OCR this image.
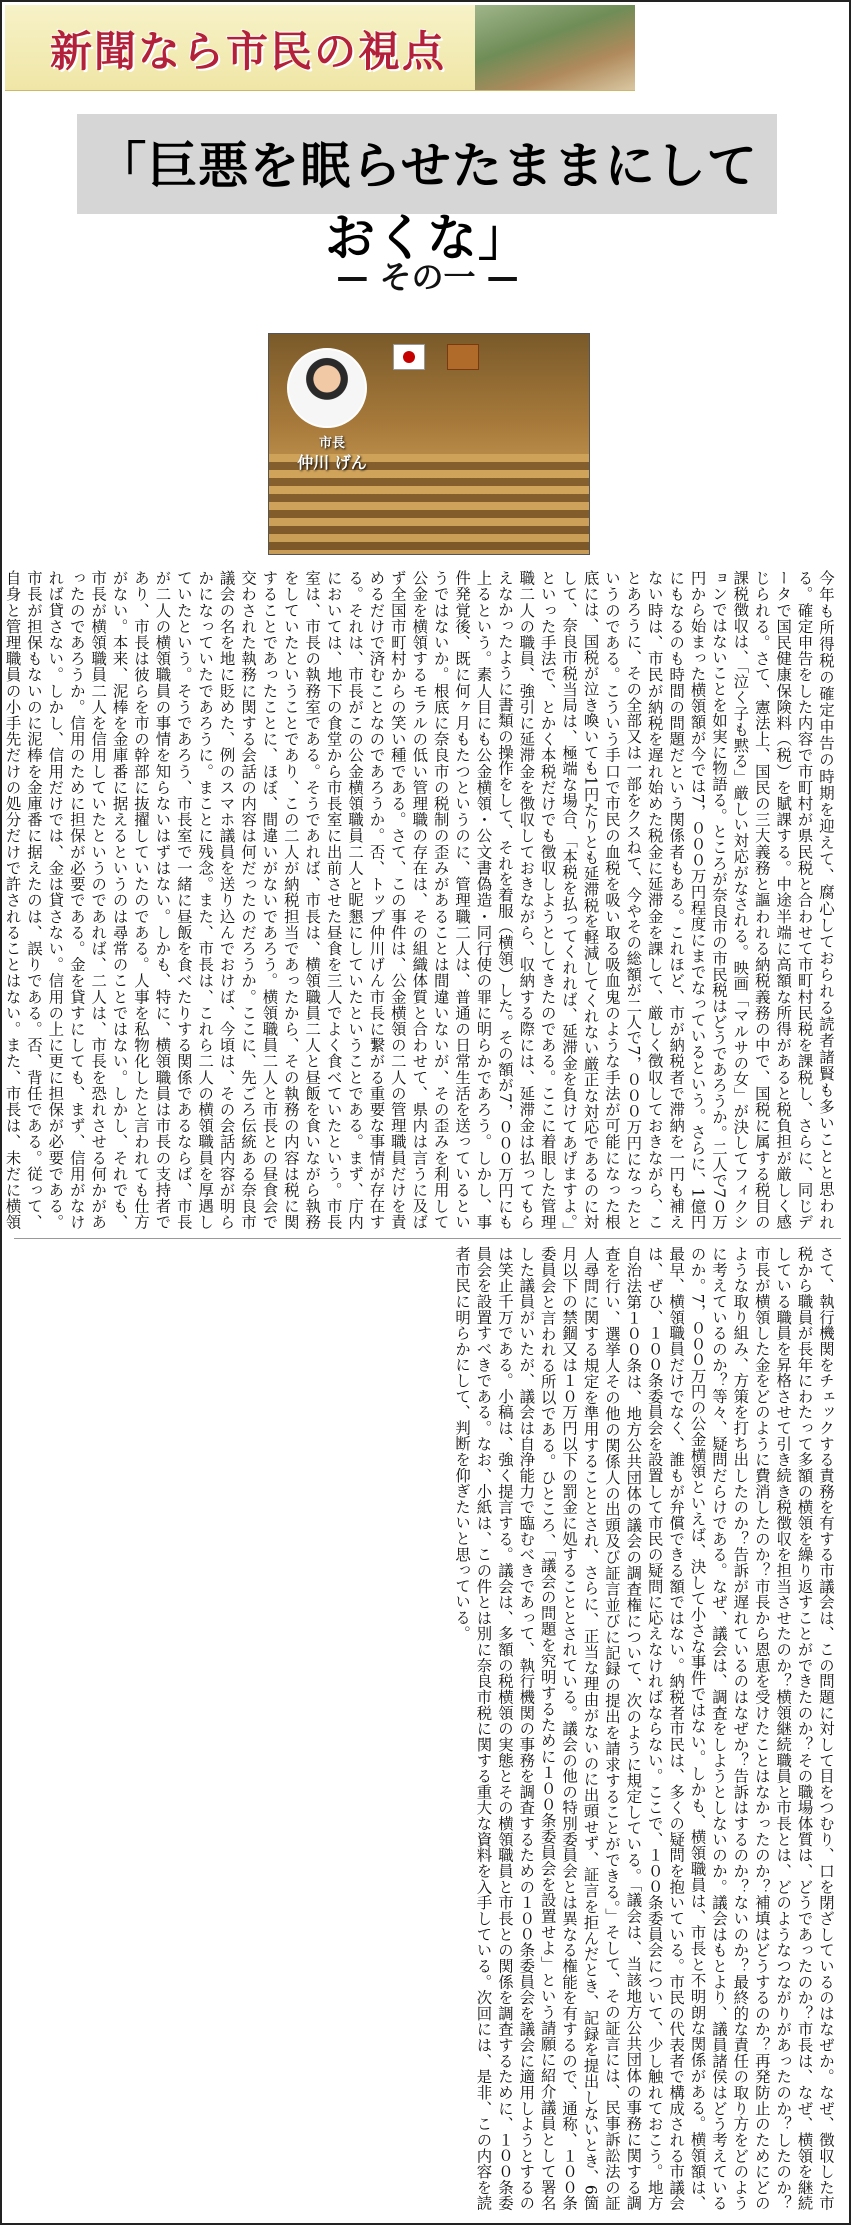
新聞なら市民の視点
「巨悪を眠らせたままにしておくな」
— その一 —
市長
仲川 げん
今年も所得税の確定申告の時期を迎えて、腐心しておられる読者諸賢も多いことと思われる。確定申告をした内容で市町村が県民税と合わせて市町村民税を課税し、さらに、同じデータで国民健康保険料（税）を賦課する。中途半端に高額な所得があると税負担が厳しく感じられる。さて、憲法上、国民の三大義務と謳われる納税義務の中で、国税に属する税目の課税徴収は、「泣く子も黙る」厳しい対応がなされる。映画「マルサの女」が決してフィクションではないことを如実に物語る。ところが奈良市の市民税はどうであろうか。二人で7０万円から始まった横領額が今では7，０００万円程度にまでなっているという。さらに、1億円にもなるのも時間の問題だという関係者もある。これほど、市が納税者で滞納を一円も補えない時は、市民が納税を遅れ始めた税金に延滞金を課して、厳しく徴収しておきながら、ことあろうに、その全部又は一部をクスねて、今やその総額が二人で7，０００万円になったというのである。こういう手口で市民の血税を吸い取る吸血鬼のような手法が可能になった根底には、国税が泣き喚いても1円たりとも延滞税を軽減してくれない厳正な対応であるのに対して、奈良市税当局は、極端な場合、「本税を払ってくれれば、延滞金を負けてあげますよ。」といった手法で、とかく本税だけでも徴収しようとしてきたのである。ここに着眼した管理職二人の職員、強引に延滞金を徴収しておきながら、収納する際には、延滞金は払ってもらえなかったように書類の操作をして、それを着服（横領）した。その額が7，０００万円にも上るという。素人目にも公金横領・公文書偽造・同行使の罪に明らかであろう。しかし、事件発覚後、既に何ヶ月もたつというのに、管理職二人は、普通の日常生活を送っているというではないか。根底に奈良市の税制の歪みがあることは間違いないが、その歪みを利用して公金を横領するモラルの低い管理職の存在は、その組織体質と合わせて、県内は言うに及ばず全国市町村からの笑い種である。さて、この事件は、公金横領の二人の管理職員だけを責めるだけで済むことなのであろうか。否、トップ仲川げん市長に繋がる重要な事情が存在する。それは、市長がこの公金横領職員二人と昵懇にしていたということである。まず、庁内においては、地下の食堂から市長室に出前させた昼食を三人でよく食べていたという。市長室は、市長の執務室である。そうであれば、市長は、横領職員二人と昼飯を食いながら執務をしていたということであり、この二人が納税担当であったから、その執務の内容は税に関することであったことに、ほぼ、間違いがないであろう。横領職員二人と市長との昼食会で交わされた執務に関する会話の内容は何だったのだろうか。ここに、先ごろ伝統ある奈良市議会の名を地に貶めた、例のスマホ議員を送り込んでおけば、今頃は、その会話内容が明らかになっていたであろうに。まことに残念。また、市長は、これら二人の横領職員を厚遇していたという。そうであろう、市長室で一緒に昼飯を食べたりする関係であるならば、市長が二人の横領職員の事情を知らないはずはない。しかも、特に、横領職員は市長の支持者であり、市長は彼らを市の幹部に抜擢していたのである。人事を私物化したと言われても仕方がない。本来、泥棒を金庫番に据えるというのは尋常のことではない。しかし、それでも、市長が横領職員二人を信用していたというのであれば、二人は、市長を恐れさせる何かがあったのであろうか。信用のために担保が必要である。金を貸すにしても、まず、信用がなければ貸さない。しかし、信用だけでは、金は貸さない。信用の上に更に担保が必要である。市長が担保もないのに泥棒を金庫番に据えたのは、誤りである。否、背任である。従って、自身と管理職員の小手先だけの処分だけで許されることはない。また、市長は、未だに横領
さて、執行機関をチェックする責務を有する市議会は、この問題に対して目をつむり、口を閉ざしているのはなぜか。なぜ、徴収した市税から職員が長年にわたって多額の横領を繰り返すことができたのか？その職場体質は、どうであったのか？市長は、なぜ、横領を継続している職員を昇格させて引き続き税徴収を担当させたのか？横領継続職員と市長とは、どのようなつながりがあったのか？したのか？市長が横領した金をどのように費消したのか？市長から恩恵を受けたことはなかったのか？補填はどうするのか？再発防止のためにどのような取り組み、方策を打ち出したのか？告訴が遅れているのはなぜか？告訴はするのか？ないのか？最終的な責任の取り方をどのように考えているのか？等々、疑問だらけである。なぜ、議会は、調査をしようとしないのか。議会はもとより、議員諸侯はどう考えているのか。7，０００万円の公金横領といえば、決して小さな事件ではない。しかも、横領職員は、市長と不明朗な関係がある。横領額は、最早、横領職員だけでなく、誰もが弁償できる額ではない。納税者市民は、多くの疑問を抱いている。市民の代表者で構成される市議会は、ぜひ、１００条委員会を設置して市民の疑問に応えなければならない。ここで、１００条委員会について、少し触れておこう。地方自治法第１００条は、地方公共団体の議会の調査権について、次のように規定している。「議会は、当該地方公共団体の事務に関する調査を行い、選挙人その他の関係人の出頭及び証言並びに記録の提出を請求することができる。」そして、その証言には、民事訴訟法の証人尋問に関する規定を準用することとされ、さらに、正当な理由がないのに出頭せず、証言を拒んだとき、記録を提出しないとき、6箇月以下の禁錮又は１０万円以下の罰金に処することとされている。議会の他の特別委員会とは異なる権能を有するので、通称、１００条委員会と言われる所以である。ひところ、「議会の問題を究明するために１００条委員会を設置せよ」という請願に紹介議員として署名した議員がいたが、議会は自浄能力で臨むべきであって、執行機関の事務を調査するための１００条委員会を議会に適用しようとするのは笑止千万である。小稿は、強く提言する。議会は、多額の税横領の実態とその横領職員と市長との関係を調査するために、１００条委員会を設置すべきである。なお、小紙は、この件とは別に奈良市税に関する重大な資料を入手している。次回には、是非、この内容を読者市民に明らかにして、判断を仰ぎたいと思っている。
